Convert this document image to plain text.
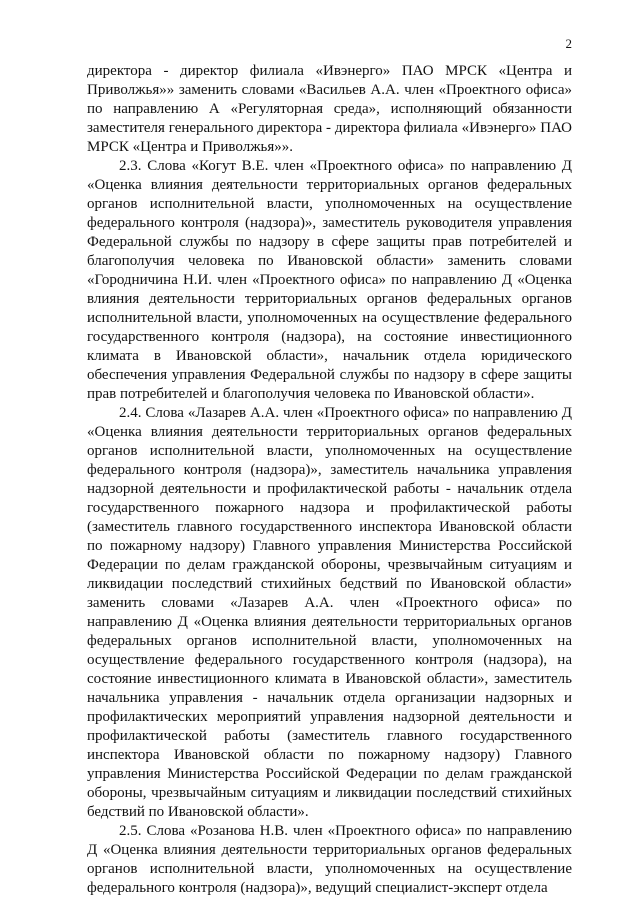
2

директора - директор филиала «Ивэнерго» ПАО МРСК «Центра и Приволжья»» заменить словами «Васильев А.А. член «Проектного офиса» по направлению А «Регуляторная среда», исполняющий обязанности заместителя генерального директора - директора филиала «Ивэнерго» ПАО МРСК «Центра и Приволжья»».

2.3. Слова «Когут В.Е. член «Проектного офиса» по направлению Д «Оценка влияния деятельности территориальных органов федеральных органов исполнительной власти, уполномоченных на осуществление федерального контроля (надзора)», заместитель руководителя управления Федеральной службы по надзору в сфере защиты прав потребителей и благополучия человека по Ивановской области» заменить словами «Городничина Н.И. член «Проектного офиса» по направлению Д «Оценка влияния деятельности территориальных органов федеральных органов исполнительной власти, уполномоченных на осуществление федерального государственного контроля (надзора), на состояние инвестиционного климата в Ивановской области», начальник отдела юридического обеспечения управления Федеральной службы по надзору в сфере защиты прав потребителей и благополучия человека по Ивановской области».

2.4. Слова «Лазарев А.А. член «Проектного офиса» по направлению Д «Оценка влияния деятельности территориальных органов федеральных органов исполнительной власти, уполномоченных на осуществление федерального контроля (надзора)», заместитель начальника управления надзорной деятельности и профилактической работы - начальник отдела государственного пожарного надзора и профилактической работы (заместитель главного государственного инспектора Ивановской области по пожарному надзору) Главного управления Министерства Российской Федерации по делам гражданской обороны, чрезвычайным ситуациям и ликвидации последствий стихийных бедствий по Ивановской области» заменить словами «Лазарев А.А. член «Проектного офиса» по направлению Д «Оценка влияния деятельности территориальных органов федеральных органов исполнительной власти, уполномоченных на осуществление федерального государственного контроля (надзора), на состояние инвестиционного климата в Ивановской области», заместитель начальника управления - начальник отдела организации надзорных и профилактических мероприятий управления надзорной деятельности и профилактической работы (заместитель главного государственного инспектора Ивановской области по пожарному надзору) Главного управления Министерства Российской Федерации по делам гражданской обороны, чрезвычайным ситуациям и ликвидации последствий стихийных бедствий по Ивановской области».

2.5. Слова «Розанова Н.В. член «Проектного офиса» по направлению Д «Оценка влияния деятельности территориальных органов федеральных органов исполнительной власти, уполномоченных на осуществление федерального контроля (надзора)», ведущий специалист-эксперт отдела
